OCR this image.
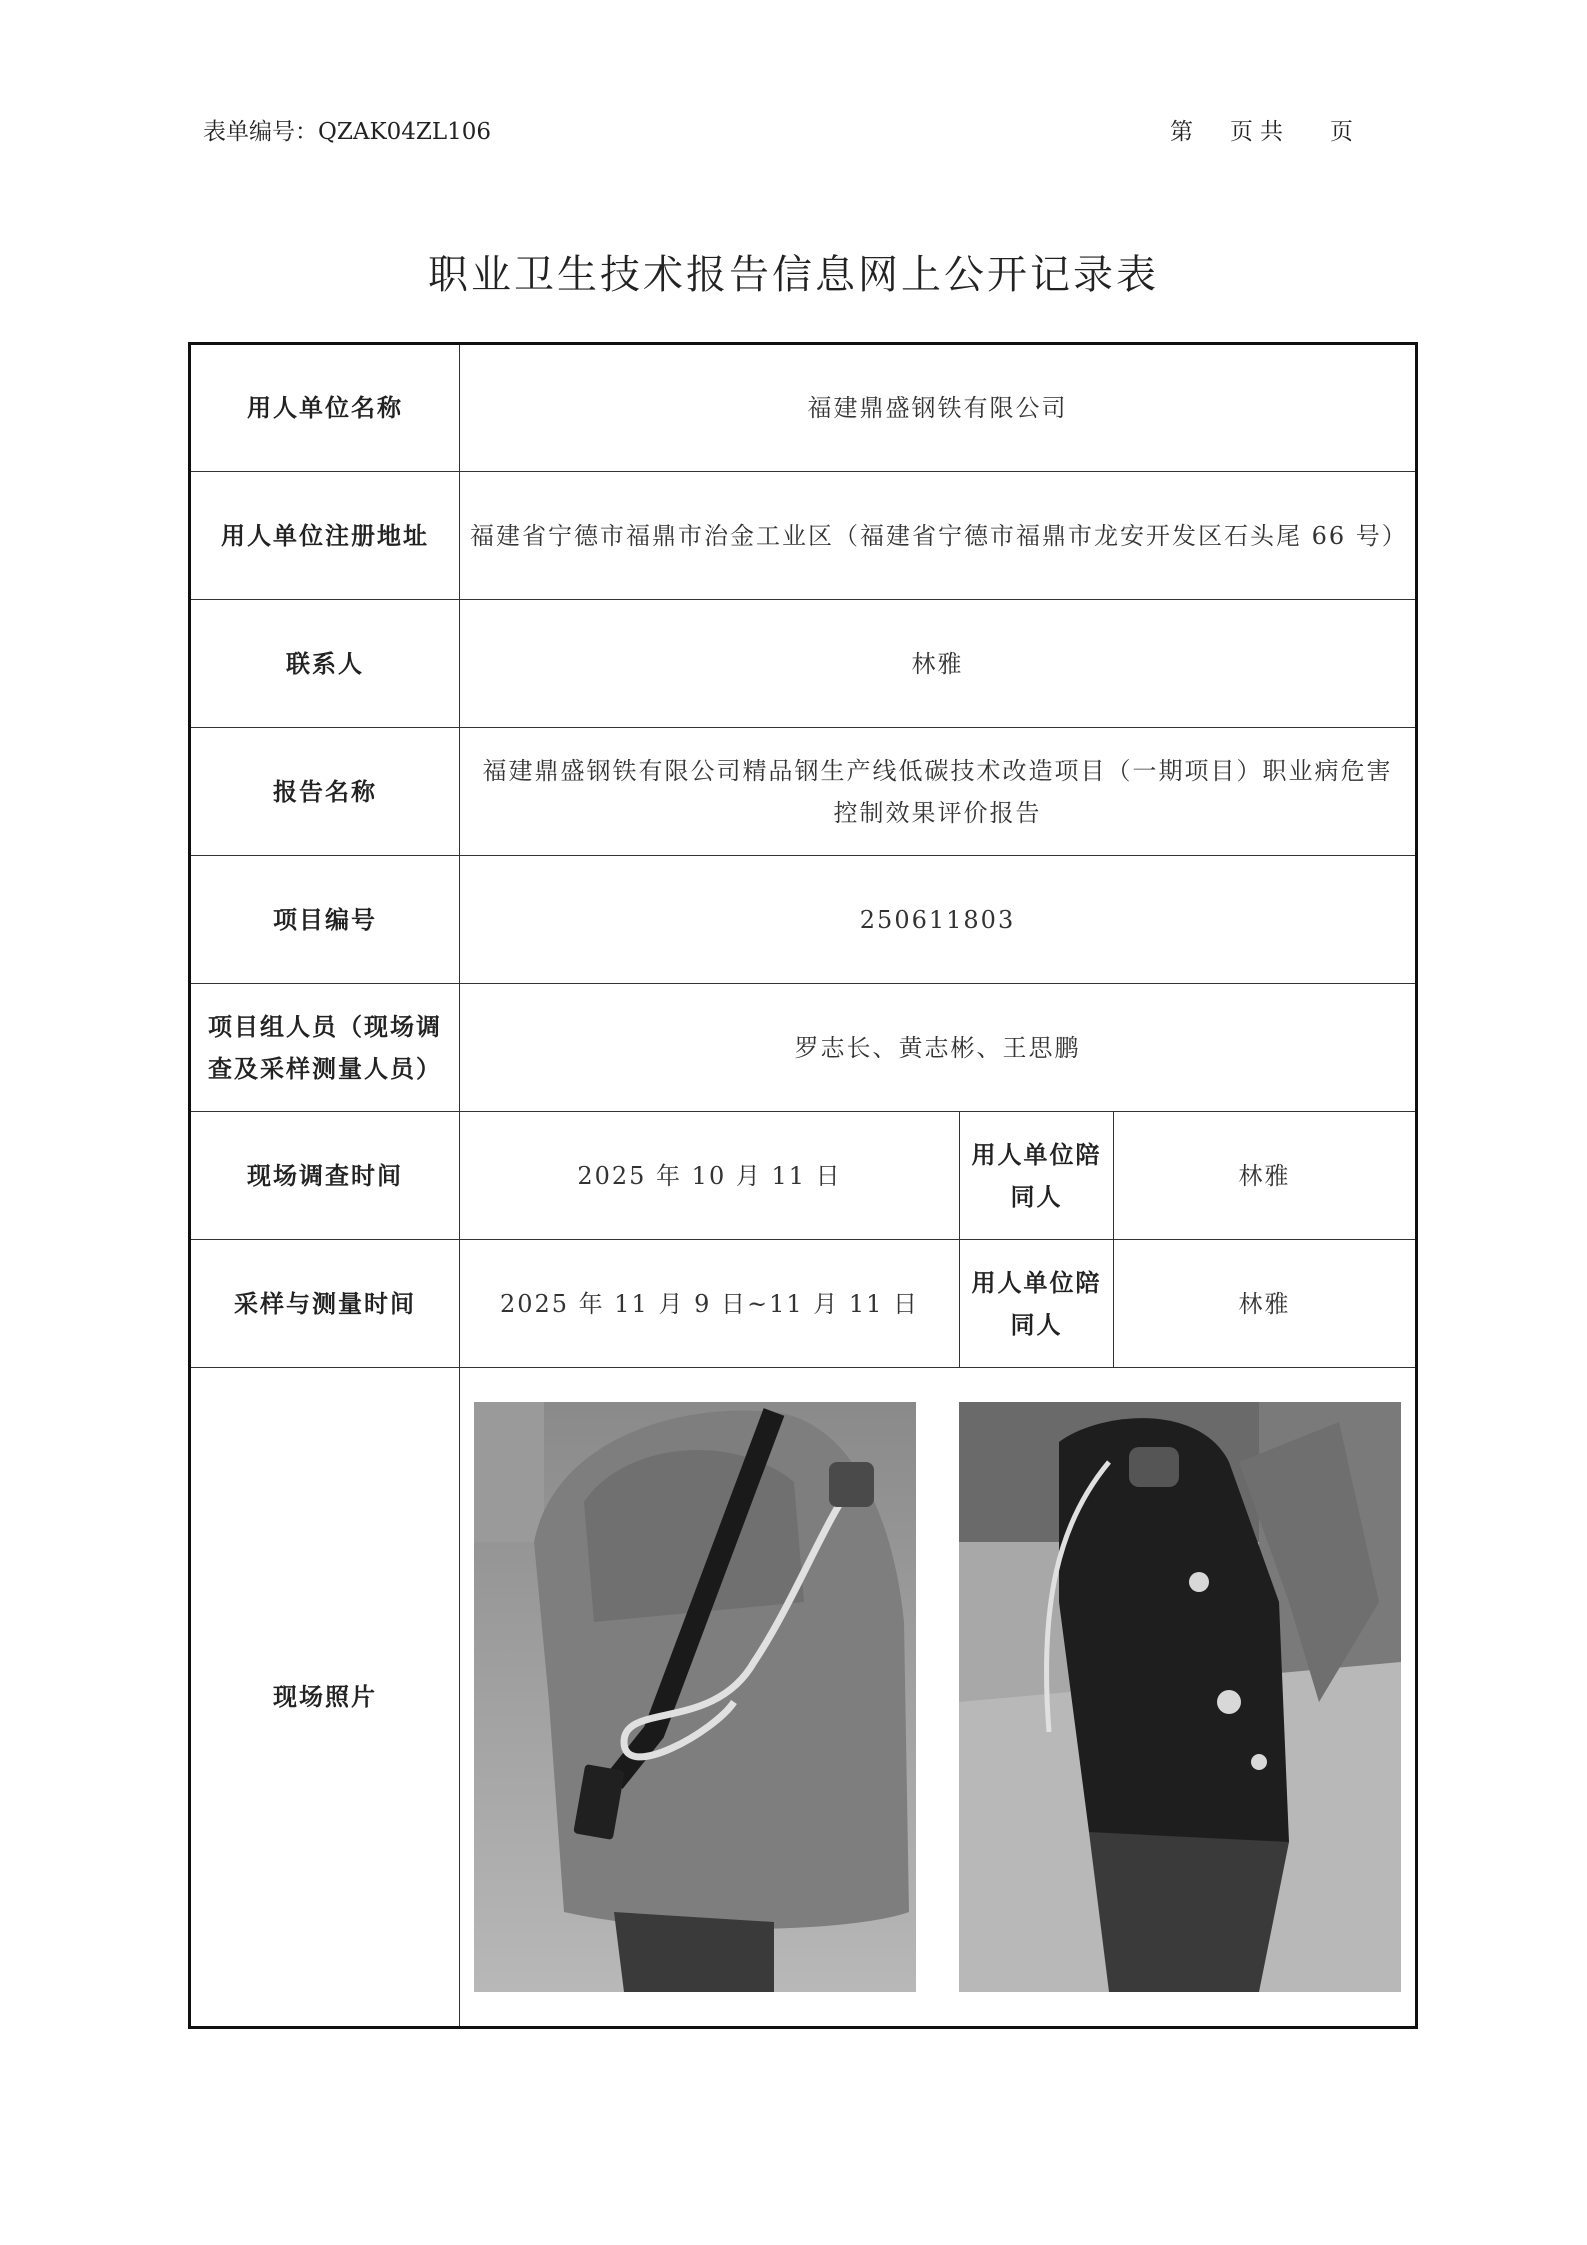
表单编号：QZAK04ZL106	第 页 共 页
职业卫生技术报告信息网上公开记录表
用人单位名称	福建鼎盛钢铁有限公司		
用人单位注册地址	福建省宁德市福鼎市治金工业区（福建省宁德市福鼎市龙安开发区石头尾 66 号）		
联系人	林雅		
报告名称	福建鼎盛钢铁有限公司精品钢生产线低碳技术改造项目（一期项目）职业病危害控制效果评价报告		
项目编号	250611803		
项目组人员（现场调查及采样测量人员）	罗志长、黄志彬、王思鹏		
现场调查时间	2025 年 10 月 11 日	用人单位陪同人	林雅
采样与测量时间	2025 年 11 月 9 日~11 月 11 日	用人单位陪同人	林雅
现场照片	
